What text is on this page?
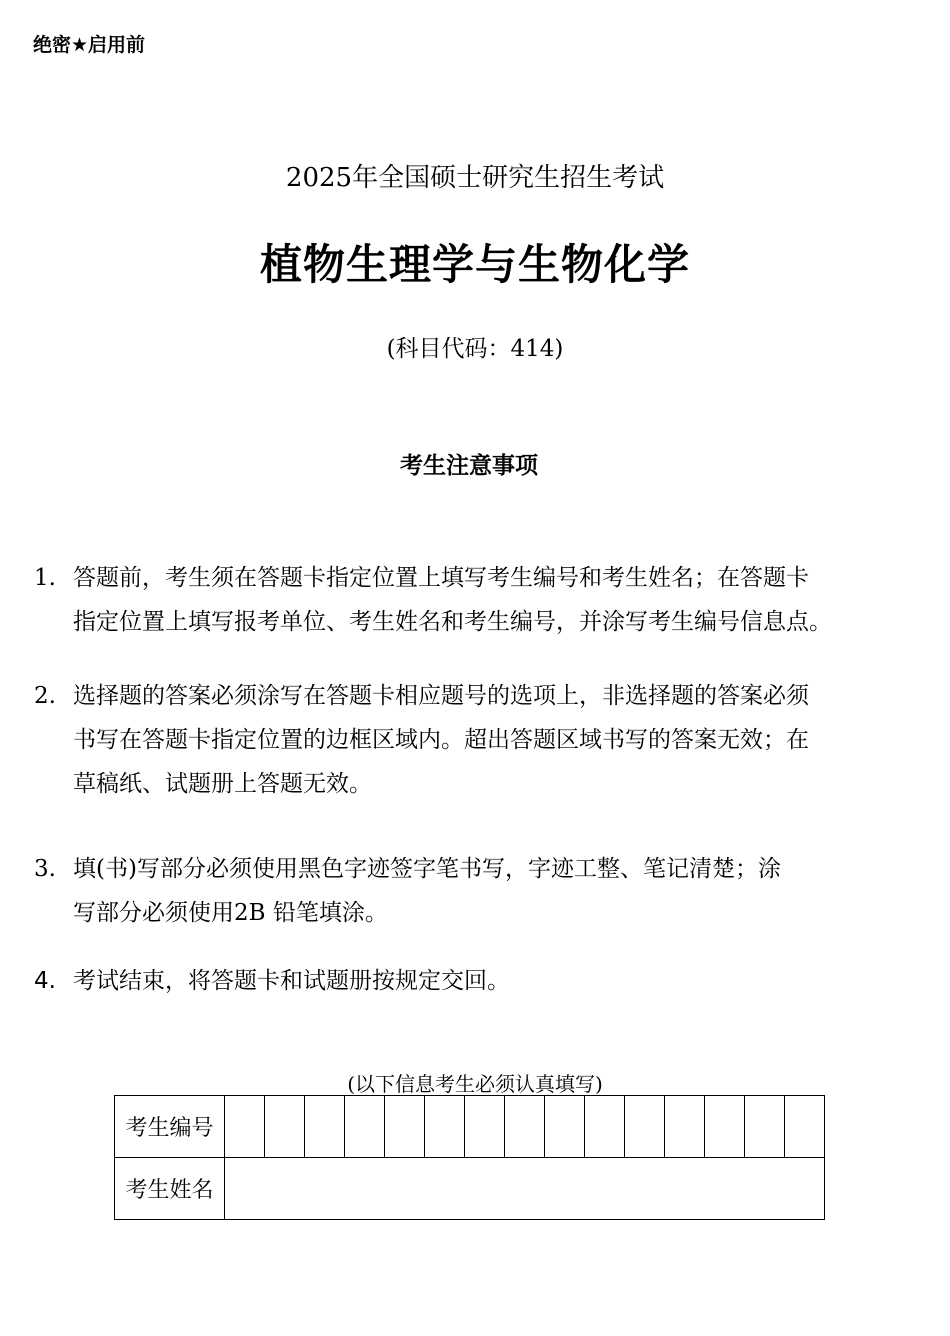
绝密★启用前
2025年全国硕士研究生招生考试
植物生理学与生物化学
(科目代码：414)
考生注意事项
1. 答题前，考生须在答题卡指定位置上填写考生编号和考生姓名；在答题卡
指定位置上填写报考单位、考生姓名和考生编号，并涂写考生编号信息点。
2. 选择题的答案必须涂写在答题卡相应题号的选项上，非选择题的答案必须
书写在答题卡指定位置的边框区域内。超出答题区域书写的答案无效；在
草稿纸、试题册上答题无效。
3. 填(书)写部分必须使用黑色字迹签字笔书写，字迹工整、笔记清楚；涂
写部分必须使用2B 铅笔填涂。
4. 考试结束，将答题卡和试题册按规定交回。
(以下信息考生必须认真填写)
考生编号															
考生姓名															
